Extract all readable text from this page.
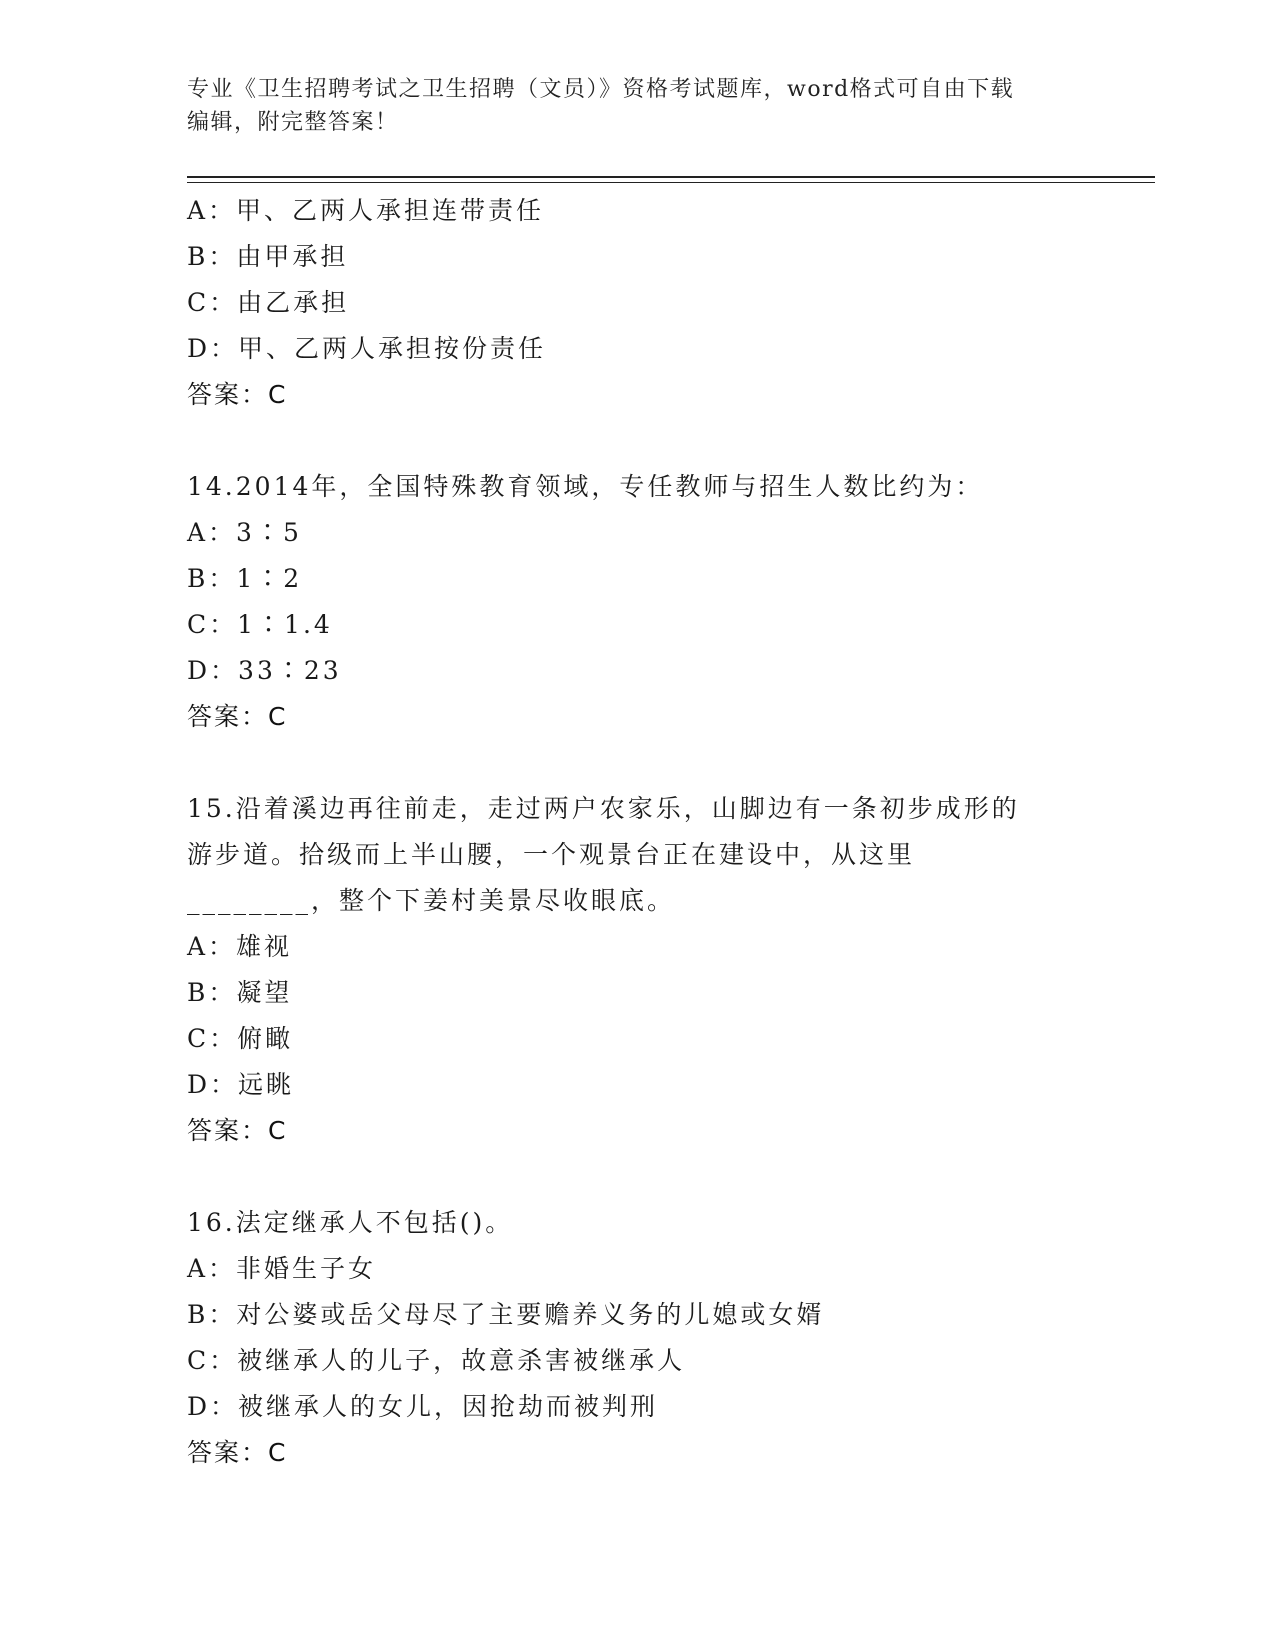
专业《卫生招聘考试之卫生招聘（文员）》资格考试题库，word格式可自由下载
编辑，附完整答案！
A：甲、乙两人承担连带责任
B：由甲承担
C：由乙承担
D：甲、乙两人承担按份责任
答案：C
14.2014年，全国特殊教育领域，专任教师与招生人数比约为：
A：3∶5
B：1∶2
C：1∶1.4
D：33∶23
答案：C
15.沿着溪边再往前走，走过两户农家乐，山脚边有一条初步成形的游步道。拾级而上半山腰，一个观景台正在建设中，从这里________，整个下姜村美景尽收眼底。
A：雄视
B：凝望
C：俯瞰
D：远眺
答案：C
16.法定继承人不包括()。
A：非婚生子女
B：对公婆或岳父母尽了主要赡养义务的儿媳或女婿
C：被继承人的儿子，故意杀害被继承人
D：被继承人的女儿，因抢劫而被判刑
答案：C
